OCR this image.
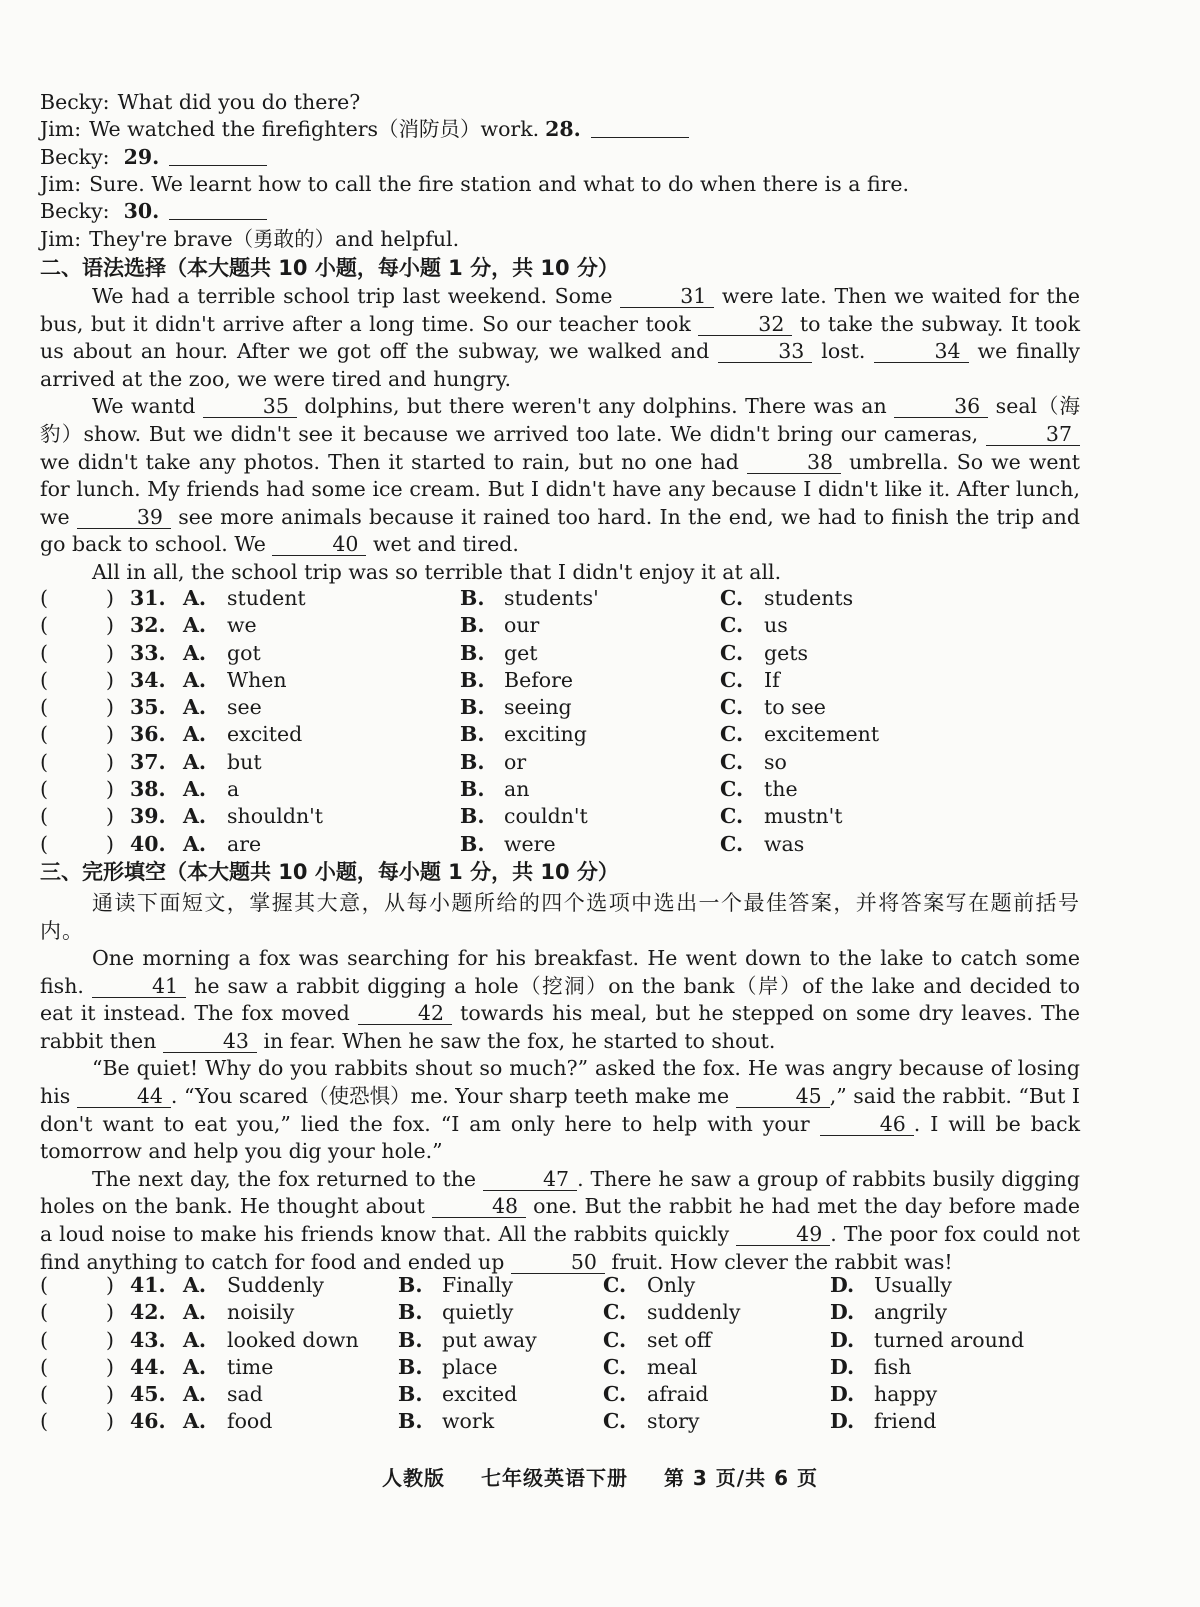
Becky: What did you do there?
Jim: We watched the firefighters（消防员）work. 28.
Becky: 29.
Jim: Sure. We learnt how to call the fire station and what to do when there is a fire.
Becky: 30.
Jim: They're brave（勇敢的）and helpful.
二、语法选择（本大题共 10 小题，每小题 1 分，共 10 分）

We had a terrible school trip last weekend. Some	31 were late. Then we waited for the bus, but it didn't arrive after a long time. So our teacher took	32 to take the subway. It took us about an hour. After we got off the subway, we walked and	33 lost.	34 we finally arrived at the zoo, we were tired and hungry.

We wantd	35 dolphins, but there weren't any dolphins. There was an	36 seal（海豹）show. But we didn't see it because we arrived too late. We didn't bring our cameras,	37 we didn't take any photos. Then it started to rain, but no one had	38 umbrella. So we went for lunch. My friends had some ice cream. But I didn't have any because I didn't like it. After lunch, we	39 see more animals because it rained too hard. In the end, we had to finish the trip and go back to school. We	40 wet and tired.

All in all, the school trip was so terrible that I didn't enjoy it at all.

(	) 31. A. student	B. students'	C. students
(	) 32. A. we	B. our	C. us
(	) 33. A. got	B. get	C. gets
(	) 34. A. When	B. Before	C. If
(	) 35. A. see	B. seeing	C. to see
(	) 36. A. excited	B. exciting	C. excitement
(	) 37. A. but	B. or	C. so
(	) 38. A. a	B. an	C. the
(	) 39. A. shouldn't	B. couldn't	C. mustn't
(	) 40. A. are	B. were	C. was
三、完形填空（本大题共 10 小题，每小题 1 分，共 10 分）

通读下面短文，掌握其大意，从每小题所给的四个选项中选出一个最佳答案，并将答案写在题前括号内。

One morning a fox was searching for his breakfast. He went down to the lake to catch some fish.	41 he saw a rabbit digging a hole（挖洞）on the bank（岸）of the lake and decided to eat it instead. The fox moved	42 towards his meal, but he stepped on some dry leaves. The rabbit then	43 in fear. When he saw the fox, he started to shout.

“Be quiet! Why do you rabbits shout so much?” asked the fox. He was angry because of losing his	44 . “You scared（使恐惧）me. Your sharp teeth make me	45 ,” said the rabbit. “But I don't want to eat you,” lied the fox. “I am only here to help with your	46 . I will be back tomorrow and help you dig your hole.”

The next day, the fox returned to the	47 . There he saw a group of rabbits busily digging holes on the bank. He thought about	48 one. But the rabbit he had met the day before made a loud noise to make his friends know that. All the rabbits quickly	49 . The poor fox could not find anything to catch for food and ended up	50 fruit. How clever the rabbit was!

(	) 41. A. Suddenly	B. Finally	C. Only	D. Usually
(	) 42. A. noisily	B. quietly	C. suddenly	D. angrily
(	) 43. A. looked down B. put away	C. set off	D. turned around
(	) 44. A. time	B. place	C. meal	D. fish
(	) 45. A. sad	B. excited	C. afraid	D. happy
(	) 46. A. food	B. work	C. story	D. friend
人教版 七年级英语下册 第 3 页/共 6 页
